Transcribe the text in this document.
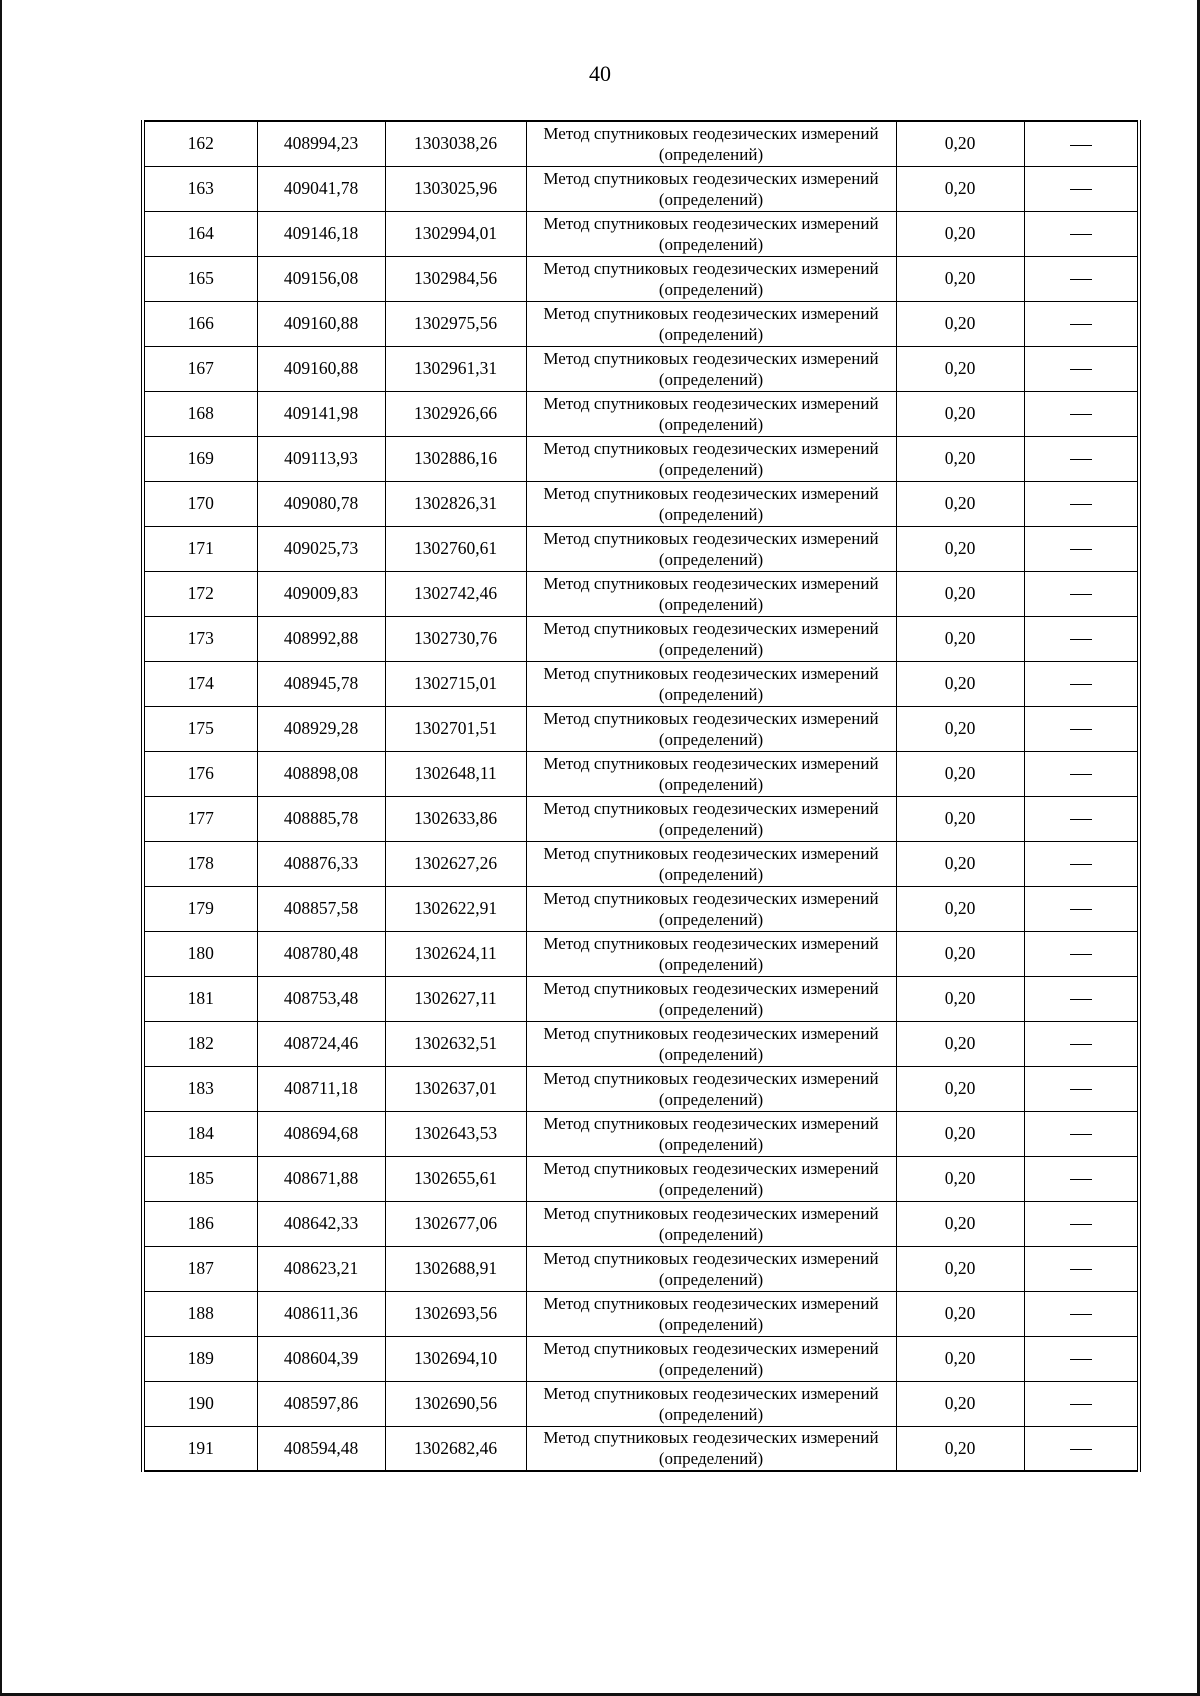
40
162	408994,23	1303038,26	Метод спутниковых геодезических измерений (определений)	0,20	
163	409041,78	1303025,96	Метод спутниковых геодезических измерений (определений)	0,20	
164	409146,18	1302994,01	Метод спутниковых геодезических измерений (определений)	0,20	
165	409156,08	1302984,56	Метод спутниковых геодезических измерений (определений)	0,20	
166	409160,88	1302975,56	Метод спутниковых геодезических измерений (определений)	0,20	
167	409160,88	1302961,31	Метод спутниковых геодезических измерений (определений)	0,20	
168	409141,98	1302926,66	Метод спутниковых геодезических измерений (определений)	0,20	
169	409113,93	1302886,16	Метод спутниковых геодезических измерений (определений)	0,20	
170	409080,78	1302826,31	Метод спутниковых геодезических измерений (определений)	0,20	
171	409025,73	1302760,61	Метод спутниковых геодезических измерений (определений)	0,20	
172	409009,83	1302742,46	Метод спутниковых геодезических измерений (определений)	0,20	
173	408992,88	1302730,76	Метод спутниковых геодезических измерений (определений)	0,20	
174	408945,78	1302715,01	Метод спутниковых геодезических измерений (определений)	0,20	
175	408929,28	1302701,51	Метод спутниковых геодезических измерений (определений)	0,20	
176	408898,08	1302648,11	Метод спутниковых геодезических измерений (определений)	0,20	
177	408885,78	1302633,86	Метод спутниковых геодезических измерений (определений)	0,20	
178	408876,33	1302627,26	Метод спутниковых геодезических измерений (определений)	0,20	
179	408857,58	1302622,91	Метод спутниковых геодезических измерений (определений)	0,20	
180	408780,48	1302624,11	Метод спутниковых геодезических измерений (определений)	0,20	
181	408753,48	1302627,11	Метод спутниковых геодезических измерений (определений)	0,20	
182	408724,46	1302632,51	Метод спутниковых геодезических измерений (определений)	0,20	
183	408711,18	1302637,01	Метод спутниковых геодезических измерений (определений)	0,20	
184	408694,68	1302643,53	Метод спутниковых геодезических измерений (определений)	0,20	
185	408671,88	1302655,61	Метод спутниковых геодезических измерений (определений)	0,20	
186	408642,33	1302677,06	Метод спутниковых геодезических измерений (определений)	0,20	
187	408623,21	1302688,91	Метод спутниковых геодезических измерений (определений)	0,20	
188	408611,36	1302693,56	Метод спутниковых геодезических измерений (определений)	0,20	
189	408604,39	1302694,10	Метод спутниковых геодезических измерений (определений)	0,20	
190	408597,86	1302690,56	Метод спутниковых геодезических измерений (определений)	0,20	
191	408594,48	1302682,46	Метод спутниковых геодезических измерений (определений)	0,20	
